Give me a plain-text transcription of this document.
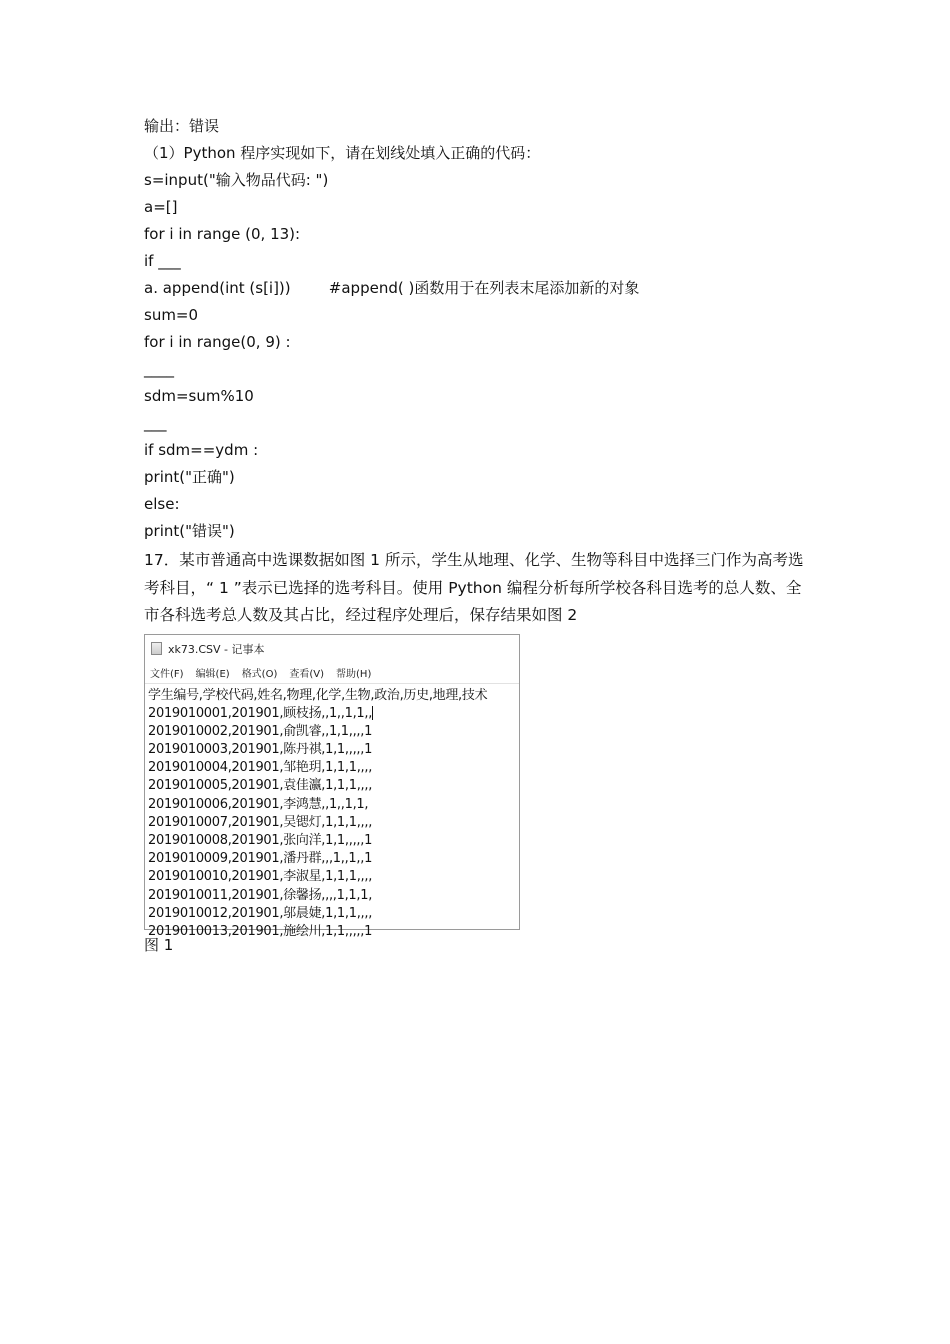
输出：错误
（1）Python 程序实现如下，请在划线处填入正确的代码：
s=input("输入物品代码: ")
a=[]
for i in range (0, 13):
if ___
a. append(int (s[i]))        #append( )函数用于在列表末尾添加新的对象
sum=0
for i in range(0, 9) :
____
sdm=sum%10
___
if sdm==ydm :
print("正确")
else:
print("错误")
17．某市普通高中选课数据如图 1 所示，学生从地理、化学、生物等科目中选择三门作为高考选考科目，“ 1 ”表示已选择的选考科目。使用 Python 编程分析每所学校各科目选考的总人数、全市各科选考总人数及其占比，经过程序处理后，保存结果如图 2
xk73.CSV - 记事本
文件(F) 编辑(E) 格式(O) 查看(V) 帮助(H)
学生编号,学校代码,姓名,物理,化学,生物,政治,历史,地理,技术
2019010001,201901,顾枝扬,,1,,1,1,,
2019010002,201901,俞凯睿,,1,1,,,,1
2019010003,201901,陈丹祺,1,1,,,,,1
2019010004,201901,邹艳玥,1,1,1,,,,
2019010005,201901,袁佳瀛,1,1,1,,,,
2019010006,201901,李鸿慧,,1,,1,1,
2019010007,201901,吴锶灯,1,1,1,,,,
2019010008,201901,张向洋,1,1,,,,,1
2019010009,201901,潘丹群,,,1,,1,,1
2019010010,201901,李淑星,1,1,1,,,,
2019010011,201901,徐馨扬,,,,1,1,1,
2019010012,201901,邬晨婕,1,1,1,,,,
2019010013,201901,施绘川,1,1,,,,,1
图 1
